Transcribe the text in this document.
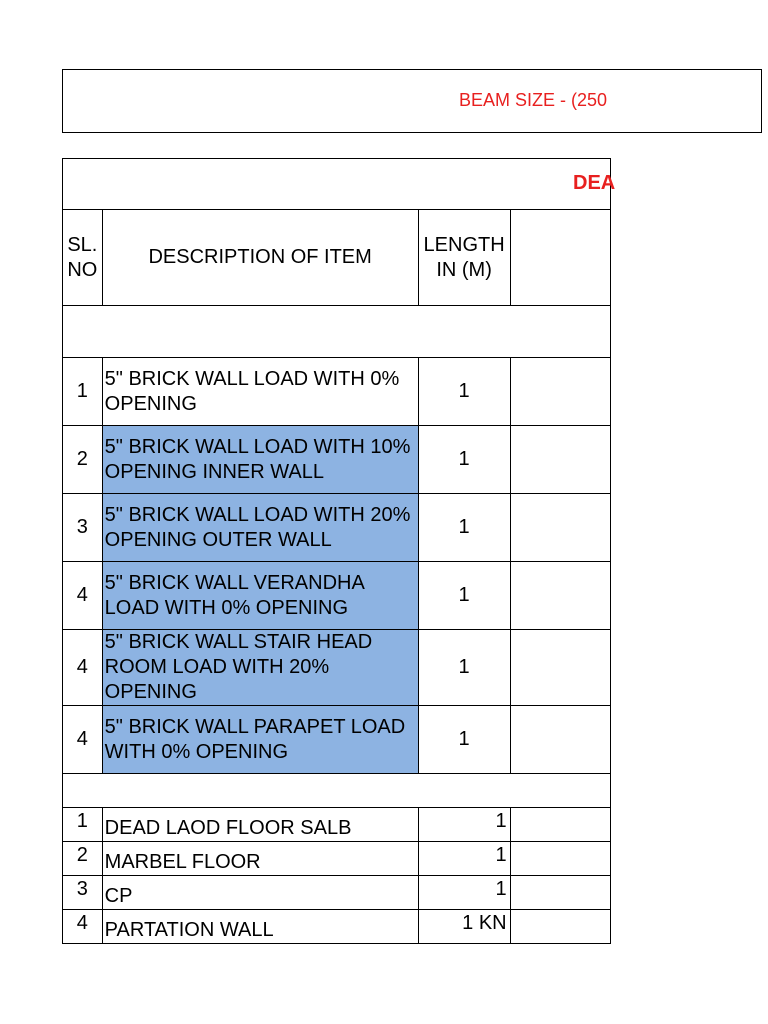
BEAM SIZE - (250
DEA			

SL. NO	DESCRIPTION OF ITEM	LENGTH IN (M)	

1	5" BRICK WALL LOAD WITH 0% OPENING	1	
2	5" BRICK WALL LOAD WITH 10% OPENING INNER WALL	1	
3	5" BRICK WALL LOAD WITH 20% OPENING OUTER WALL	1	
4	5" BRICK WALL VERANDHA LOAD WITH 0% OPENING	1	
4	5" BRICK WALL STAIR HEAD ROOM LOAD WITH 20% OPENING	1	
4	5" BRICK WALL PARAPET LOAD WITH 0% OPENING	1	

1	DEAD LAOD FLOOR SALB	1	
2	MARBEL FLOOR	1	
3	CP	1	
4	PARTATION WALL	1 KN	
